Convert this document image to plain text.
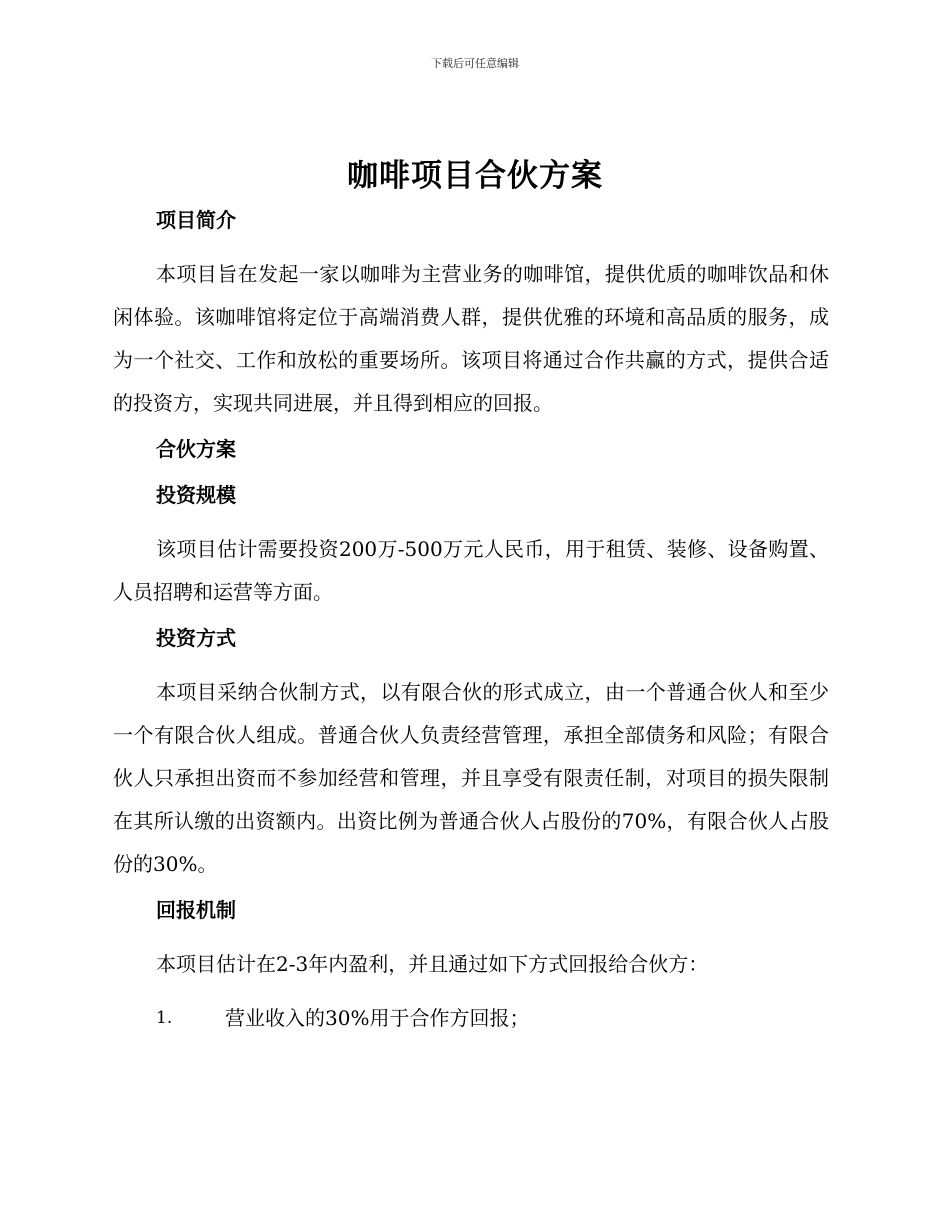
下载后可任意编辑
咖啡项目合伙方案
项目简介

本项目旨在发起一家以咖啡为主营业务的咖啡馆，提供优质的咖啡饮品和休闲体验。该咖啡馆将定位于高端消费人群，提供优雅的环境和高品质的服务，成为一个社交、工作和放松的重要场所。该项目将通过合作共赢的方式，提供合适的投资方，实现共同进展，并且得到相应的回报。

合伙方案
投资规模

该项目估计需要投资200万-500万元人民币，用于租赁、装修、设备购置、人员招聘和运营等方面。

投资方式

本项目采纳合伙制方式，以有限合伙的形式成立，由一个普通合伙人和至少一个有限合伙人组成。普通合伙人负责经营管理，承担全部债务和风险；有限合伙人只承担出资而不参加经营和管理，并且享受有限责任制，对项目的损失限制在其所认缴的出资额内。出资比例为普通合伙人占股份的70%，有限合伙人占股份的30%。

回报机制

本项目估计在2-3年内盈利，并且通过如下方式回报给合伙方：

1.	营业收入的30%用于合作方回报；
